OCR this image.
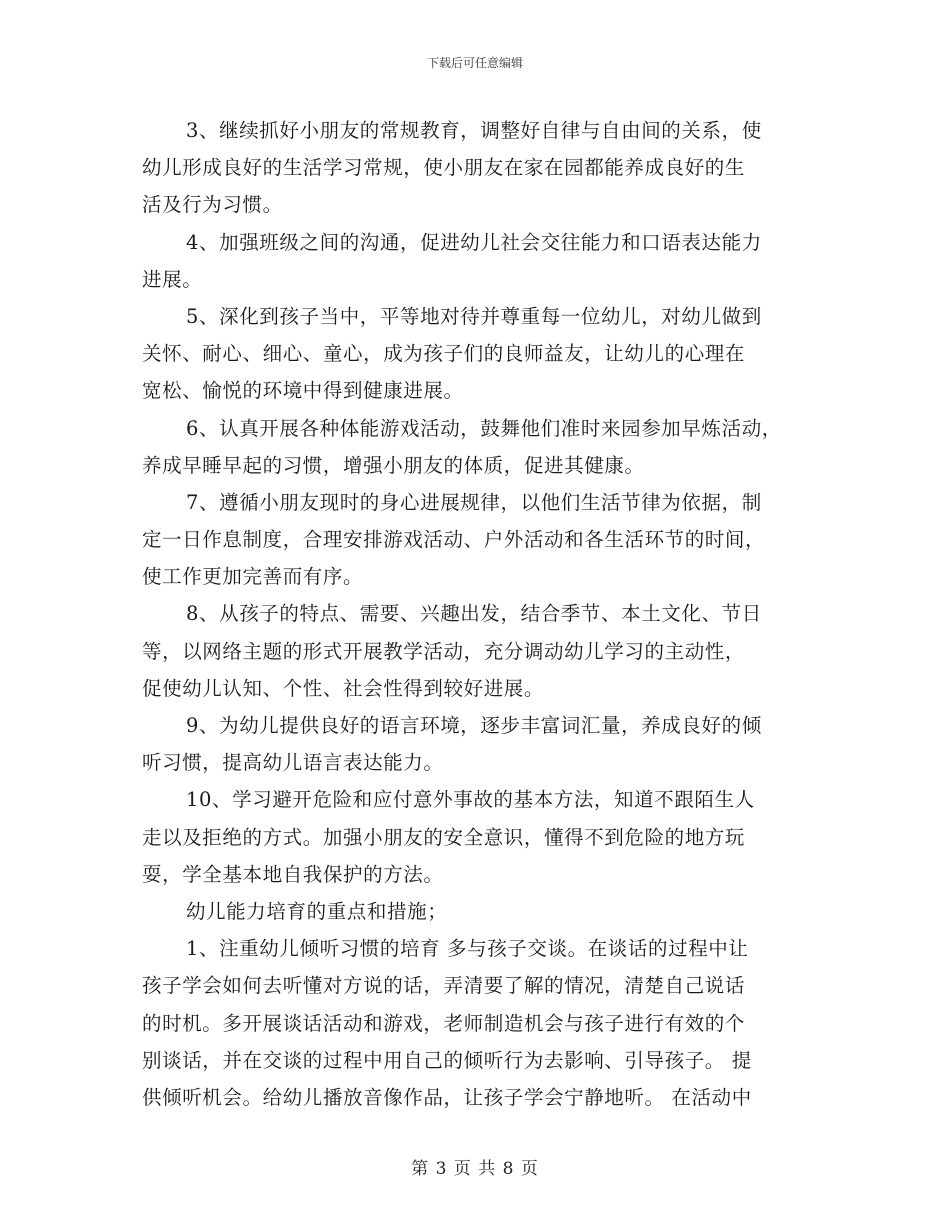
下载后可任意编辑
3、继续抓好小朋友的常规教育，调整好自律与自由间的关系，使
幼儿形成良好的生活学习常规，使小朋友在家在园都能养成良好的生
活及行为习惯。
4、加强班级之间的沟通，促进幼儿社会交往能力和口语表达能力
进展。
5、深化到孩子当中，平等地对待并尊重每一位幼儿，对幼儿做到
关怀、耐心、细心、童心，成为孩子们的良师益友，让幼儿的心理在
宽松、愉悦的环境中得到健康进展。
6、认真开展各种体能游戏活动，鼓舞他们准时来园参加早炼活动，
养成早睡早起的习惯，增强小朋友的体质，促进其健康。
7、遵循小朋友现时的身心进展规律，以他们生活节律为依据，制
定一日作息制度，合理安排游戏活动、户外活动和各生活环节的时间，
使工作更加完善而有序。
8、从孩子的特点、需要、兴趣出发，结合季节、本土文化、节日
等，以网络主题的形式开展教学活动，充分调动幼儿学习的主动性，
促使幼儿认知、个性、社会性得到较好进展。
9、为幼儿提供良好的语言环境，逐步丰富词汇量，养成良好的倾
听习惯，提高幼儿语言表达能力。
10、学习避开危险和应付意外事故的基本方法，知道不跟陌生人
走以及拒绝的方式。加强小朋友的安全意识，懂得不到危险的地方玩
耍，学全基本地自我保护的方法。
幼儿能力培育的重点和措施；
1、注重幼儿倾听习惯的培育 多与孩子交谈。在谈话的过程中让
孩子学会如何去听懂对方说的话，弄清要了解的情况，清楚自己说话
的时机。多开展谈话活动和游戏，老师制造机会与孩子进行有效的个
别谈话，并在交谈的过程中用自己的倾听行为去影响、引导孩子。 提
供倾听机会。给幼儿播放音像作品，让孩子学会宁静地听。 在活动中
第 3 页 共 8 页
